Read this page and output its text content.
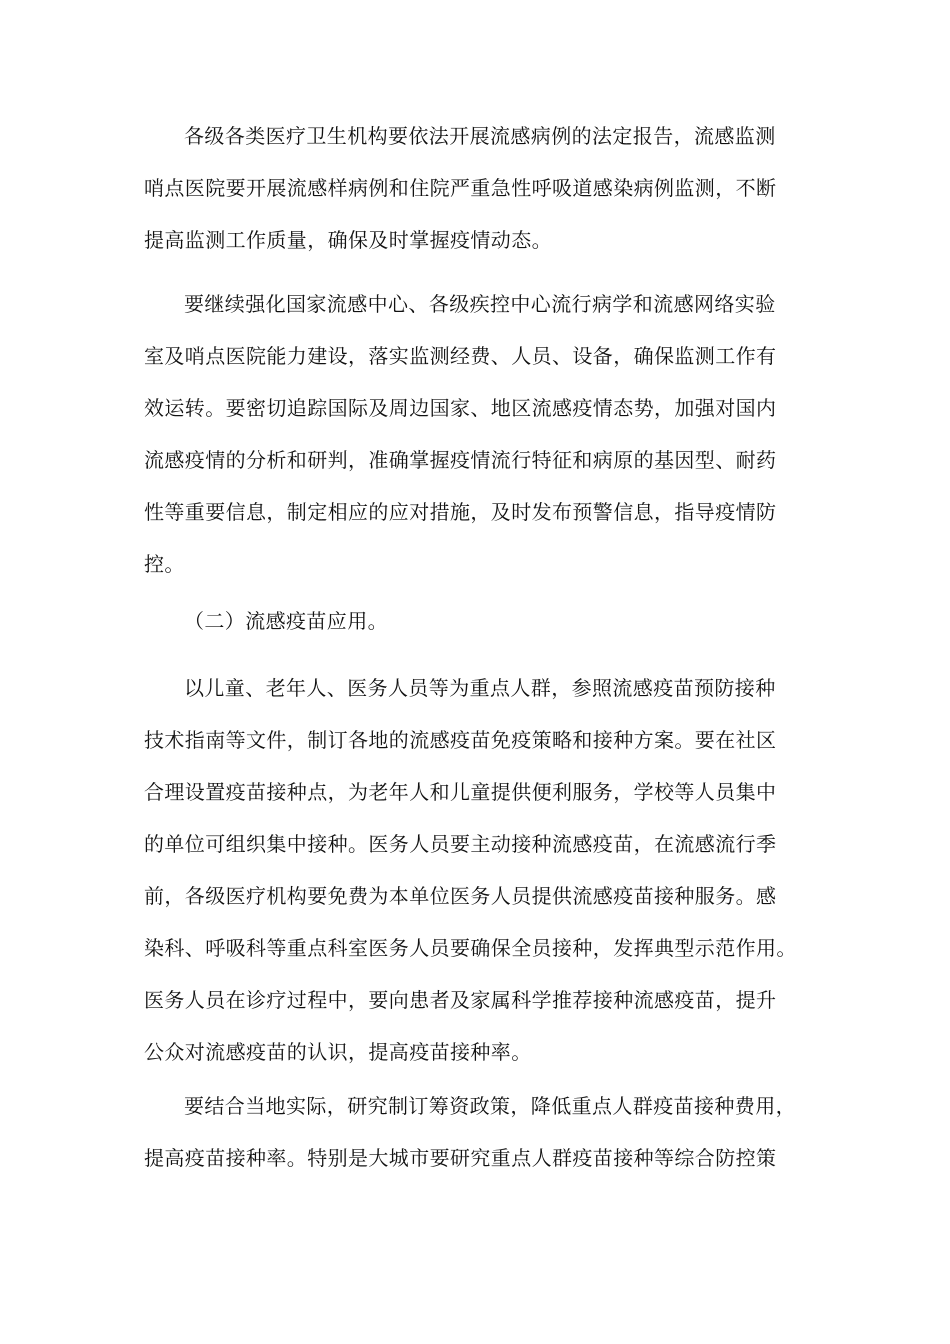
各级各类医疗卫生机构要依法开展流感病例的法定报告，流感监测
哨点医院要开展流感样病例和住院严重急性呼吸道感染病例监测，不断
提高监测工作质量，确保及时掌握疫情动态。
要继续强化国家流感中心、各级疾控中心流行病学和流感网络实验
室及哨点医院能力建设，落实监测经费、人员、设备，确保监测工作有
效运转。要密切追踪国际及周边国家、地区流感疫情态势，加强对国内
流感疫情的分析和研判，准确掌握疫情流行特征和病原的基因型、耐药
性等重要信息，制定相应的应对措施，及时发布预警信息，指导疫情防
控。
（二）流感疫苗应用。
以儿童、老年人、医务人员等为重点人群，参照流感疫苗预防接种
技术指南等文件，制订各地的流感疫苗免疫策略和接种方案。要在社区
合理设置疫苗接种点，为老年人和儿童提供便利服务，学校等人员集中
的单位可组织集中接种。医务人员要主动接种流感疫苗，在流感流行季
前，各级医疗机构要免费为本单位医务人员提供流感疫苗接种服务。感
染科、呼吸科等重点科室医务人员要确保全员接种，发挥典型示范作用。
医务人员在诊疗过程中，要向患者及家属科学推荐接种流感疫苗，提升
公众对流感疫苗的认识，提高疫苗接种率。
要结合当地实际，研究制订筹资政策，降低重点人群疫苗接种费用，
提高疫苗接种率。特别是大城市要研究重点人群疫苗接种等综合防控策
